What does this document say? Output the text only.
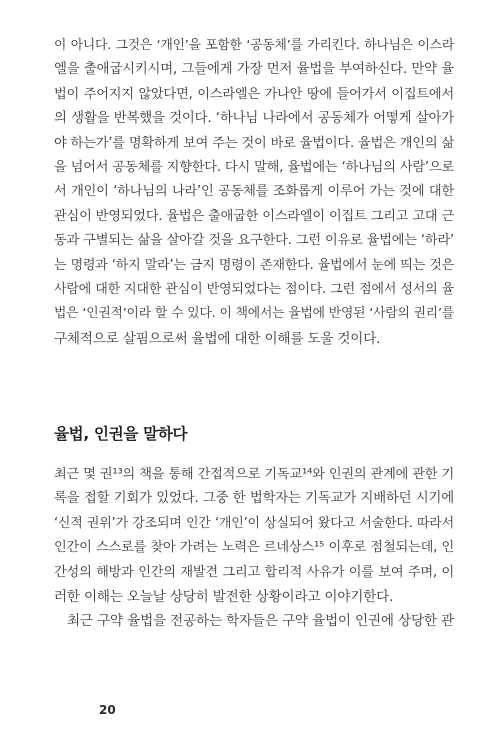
이 아니다. 그것은 ‘개인’을 포함한 ‘공동체’를 가리킨다. 하나님은 이스라
엘을 출애굽시키시며, 그들에게 가장 먼저 율법을 부여하신다. 만약 율
법이 주어지지 않았다면, 이스라엘은 가나안 땅에 들어가서 이집트에서
의 생활을 반복했을 것이다. ‘하나님 나라에서 공동체가 어떻게 살아가
야 하는가’를 명확하게 보여 주는 것이 바로 율법이다. 율법은 개인의 삶
을 넘어서 공동체를 지향한다. 다시 말해, 율법에는 ‘하나님의 사람’으로
서 개인이 ‘하나님의 나라’인 공동체를 조화롭게 이루어 가는 것에 대한
관심이 반영되었다. 율법은 출애굽한 이스라엘이 이집트 그리고 고대 근
동과 구별되는 삶을 살아갈 것을 요구한다. 그런 이유로 율법에는 ‘하라’
는 명령과 ‘하지 말라’는 금지 명령이 존재한다. 율법에서 눈에 띄는 것은
사람에 대한 지대한 관심이 반영되었다는 점이다. 그런 점에서 성서의 율
법은 ‘인권적’이라 할 수 있다. 이 책에서는 율법에 반영된 ‘사람의 권리’를
구체적으로 살핌으로써 율법에 대한 이해를 도울 것이다.
율법, 인권을 말하다
최근 몇 권¹³의 책을 통해 간접적으로 기독교¹⁴와 인권의 관계에 관한 기
록을 접할 기회가 있었다. 그중 한 법학자는 기독교가 지배하던 시기에
‘신적 권위’가 강조되며 인간 ‘개인’이 상실되어 왔다고 서술한다. 따라서
인간이 스스로를 찾아 가려는 노력은 르네상스¹⁵ 이후로 점철되는데, 인
간성의 해방과 인간의 재발견 그리고 합리적 사유가 이를 보여 주며, 이
러한 이해는 오늘날 상당히 발전한 상황이라고 이야기한다.
최근 구약 율법을 전공하는 학자들은 구약 율법이 인권에 상당한 관
20
